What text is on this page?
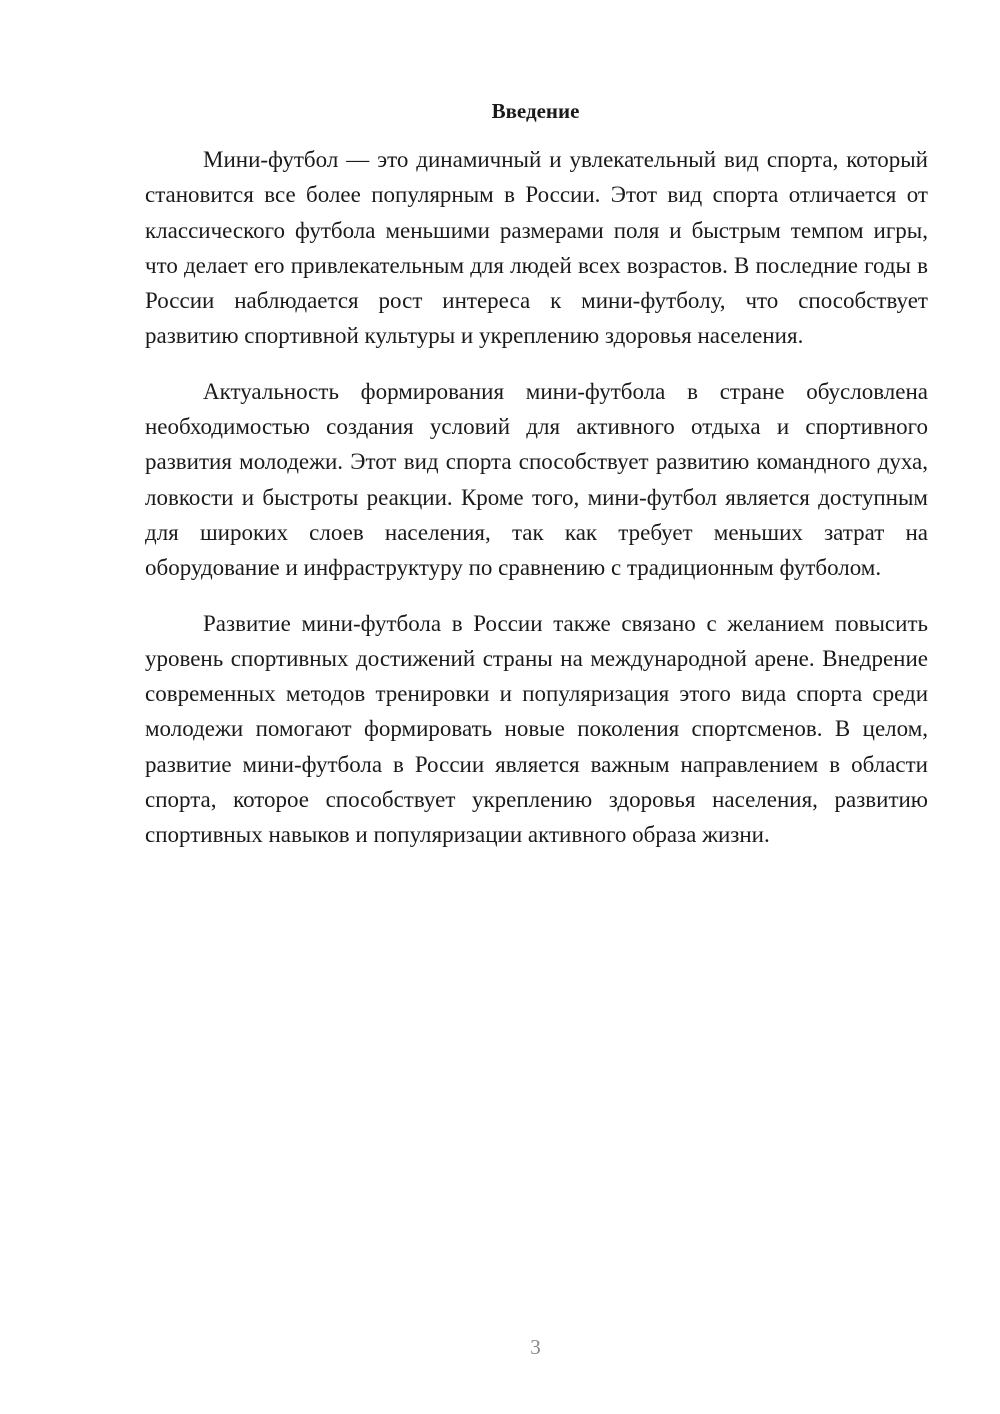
Введение

Мини-футбол — это динамичный и увлекательный вид спорта, который становится все более популярным в России. Этот вид спорта отличается от классического футбола меньшими размерами поля и быстрым темпом игры, что делает его привлекательным для людей всех возрастов. В последние годы в России наблюдается рост интереса к мини-футболу, что способствует развитию спортивной культуры и укреплению здоровья населения.

Актуальность формирования мини-футбола в стране обусловлена необходимостью создания условий для активного отдыха и спортивного развития молодежи. Этот вид спорта способствует развитию командного духа, ловкости и быстроты реакции. Кроме того, мини-футбол является доступным для широких слоев населения, так как требует меньших затрат на оборудование и инфраструктуру по сравнению с традиционным футболом.

Развитие мини-футбола в России также связано с желанием повысить уровень спортивных достижений страны на международной арене. Внедрение современных методов тренировки и популяризация этого вида спорта среди молодежи помогают формировать новые поколения спортсменов. В целом, развитие мини-футбола в России является важным направлением в области спорта, которое способствует укреплению здоровья населения, развитию спортивных навыков и популяризации активного образа жизни.

3
